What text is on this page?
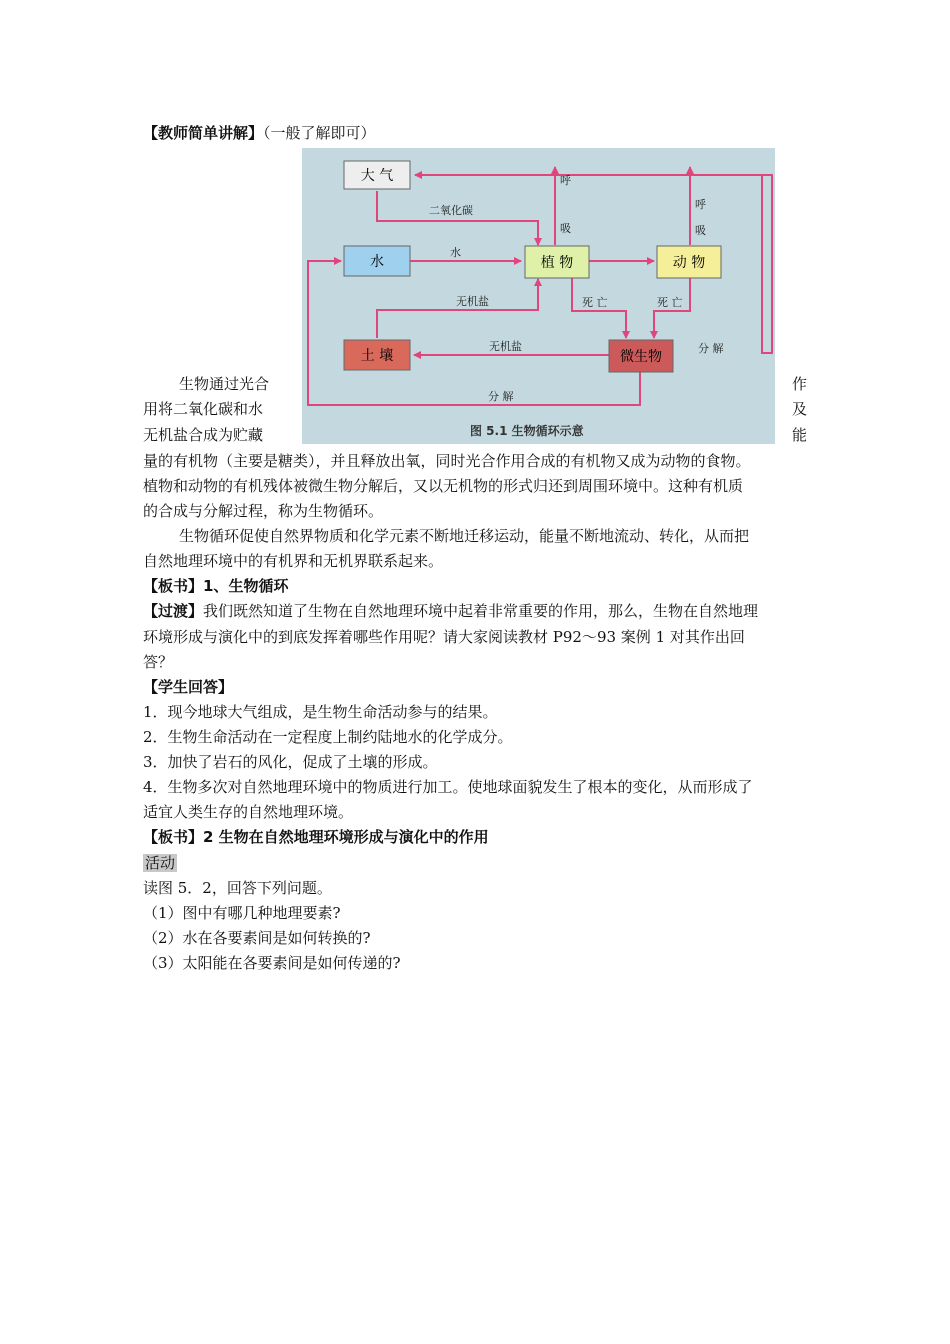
【教师简单讲解】（一般了解即可）
大 气
水	植 物	动 物
土 壤	微生物
二氧化碳
水
呼
吸
呼
吸
死 亡	死 亡
无机盐
无机盐	分 解
分 解
图 5.1 生物循环示意
生物通过光合	作
用将二氧化碳和水	及
无机盐合成为贮藏	能
量的有机物（主要是糖类），并且释放出氧，同时光合作用合成的有机物又成为动物的食物。
植物和动物的有机残体被微生物分解后，又以无机物的形式归还到周围环境中。这种有机质
的合成与分解过程，称为生物循环。
生物循环促使自然界物质和化学元素不断地迁移运动，能量不断地流动、转化，从而把
自然地理环境中的有机界和无机界联系起来。
【板书】1、生物循环
【过渡】我们既然知道了生物在自然地理环境中起着非常重要的作用，那么，生物在自然地理
环境形成与演化中的到底发挥着哪些作用呢？请大家阅读教材 P92～93 案例 1 对其作出回
答？
【学生回答】
1．现今地球大气组成，是生物生命活动参与的结果。
2．生物生命活动在一定程度上制约陆地水的化学成分。
3．加快了岩石的风化，促成了土壤的形成。
4．生物多次对自然地理环境中的物质进行加工。使地球面貌发生了根本的变化，从而形成了
适宜人类生存的自然地理环境。
【板书】2 生物在自然地理环境形成与演化中的作用
活动
读图 5．2，回答下列问题。
（1）图中有哪几种地理要素?
（2）水在各要素间是如何转换的?
（3）太阳能在各要素间是如何传递的?
